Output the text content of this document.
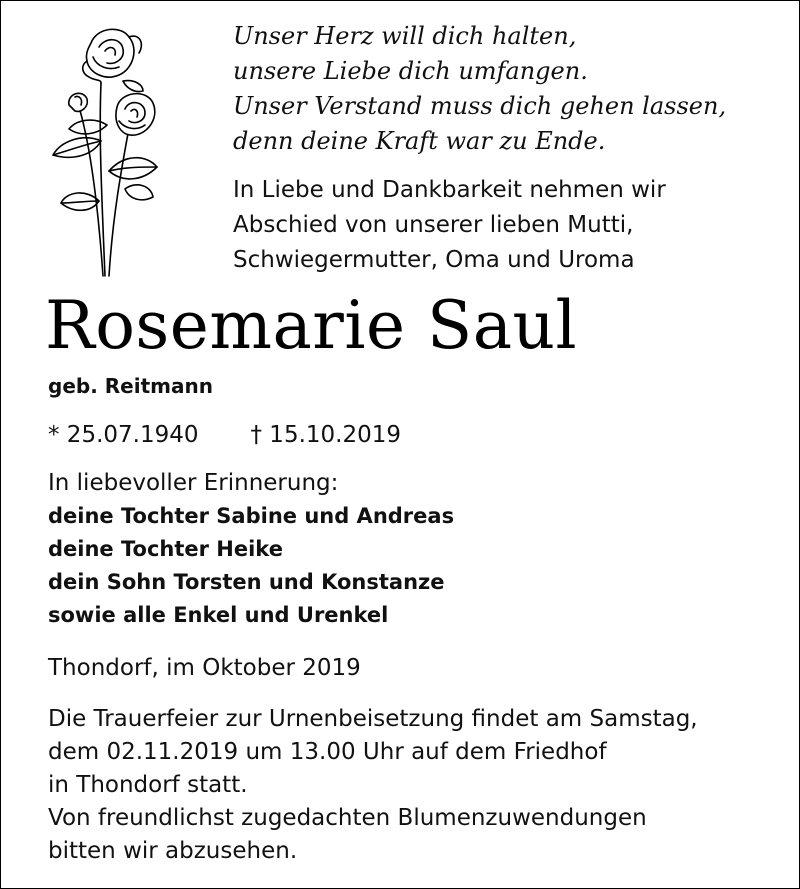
Unser Herz will dich halten,
unsere Liebe dich umfangen.
Unser Verstand muss dich gehen lassen,
denn deine Kraft war zu Ende.
In Liebe und Dankbarkeit nehmen wir
Abschied von unserer lieben Mutti,
Schwiegermutter, Oma und Uroma
Rosemarie Saul
geb. Reitmann
* 25.07.1940 † 15.10.2019
In liebevoller Erinnerung:
deine Tochter Sabine und Andreas
deine Tochter Heike
dein Sohn Torsten und Konstanze
sowie alle Enkel und Urenkel
Thondorf, im Oktober 2019
Die Trauerfeier zur Urnenbeisetzung findet am Samstag,
dem 02.11.2019 um 13.00 Uhr auf dem Friedhof
in Thondorf statt.
Von freundlichst zugedachten Blumenzuwendungen
bitten wir abzusehen.
